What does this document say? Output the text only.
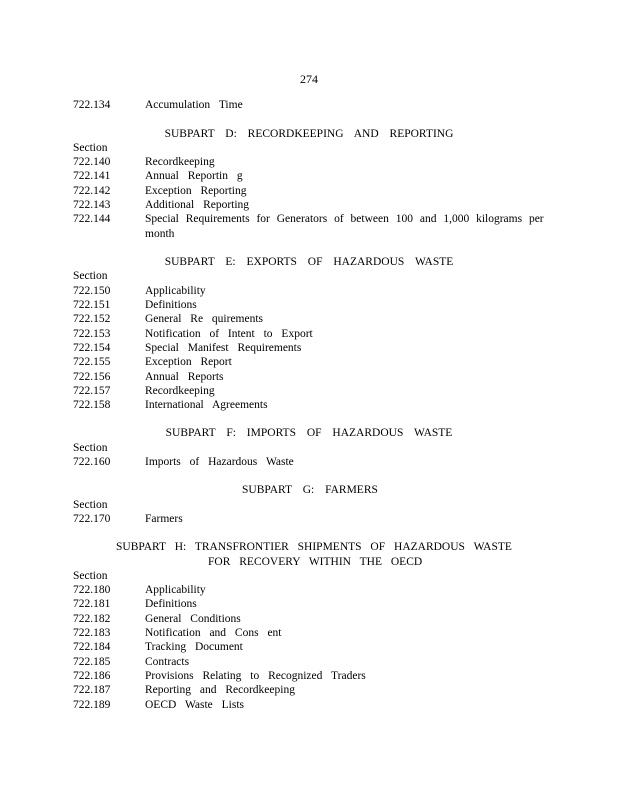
274
722.134	Accumulation Time
SUBPART D: RECORDKEEPING AND REPORTING
Section
722.140	Recordkeeping
722.141	Annual Reportin g
722.142	Exception Reporting
722.143	Additional Reporting
722.144	Special Requirements for Generators of between 100 and 1,000 kilograms per
month
SUBPART E: EXPORTS OF HAZARDOUS WASTE
Section
722.150	Applicability
722.151	Definitions
722.152	General Re quirements
722.153	Notification of Intent to Export
722.154	Special Manifest Requirements
722.155	Exception Report
722.156	Annual Reports
722.157	Recordkeeping
722.158	International Agreements
SUBPART F: IMPORTS OF HAZARDOUS WASTE
Section
722.160	Imports of Hazardous Waste
SUBPART G: FARMERS
Section
722.170	Farmers
SUBPART H: TRANSFRONTIER SHIPMENTS OF HAZARDOUS WASTE
FOR RECOVERY WITHIN THE OECD
Section
722.180	Applicability
722.181	Definitions
722.182	General Conditions
722.183	Notification and Cons ent
722.184	Tracking Document
722.185	Contracts
722.186	Provisions Relating to Recognized Traders
722.187	Reporting and Recordkeeping
722.189	OECD Waste Lists
